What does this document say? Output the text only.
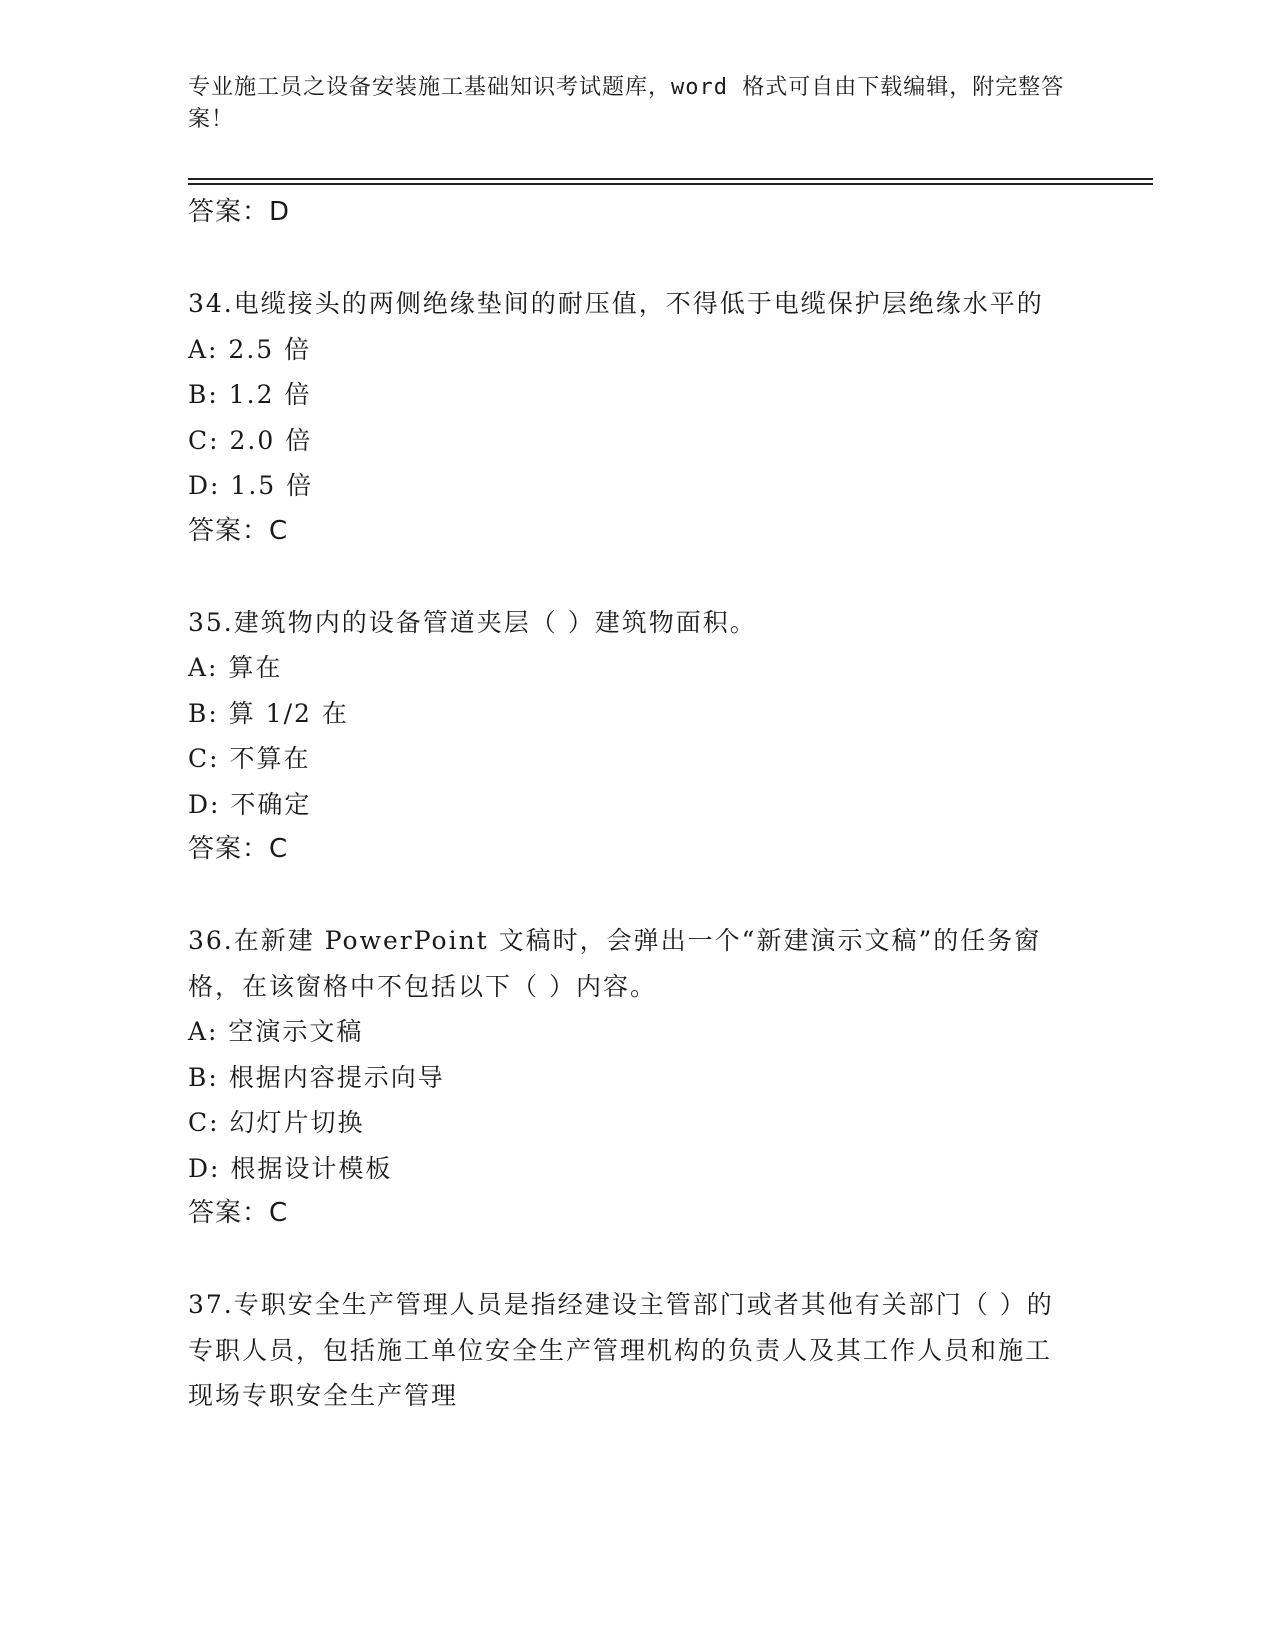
专业施工员之设备安装施工基础知识考试题库，word 格式可自由下载编辑，附完整答案！
答案：D
34.电缆接头的两侧绝缘垫间的耐压值，不得低于电缆保护层绝缘水平的
A: 2.5 倍
B: 1.2 倍
C: 2.0 倍
D: 1.5 倍
答案：C
35.建筑物内的设备管道夹层（ ）建筑物面积。
A: 算在
B: 算 1/2 在
C: 不算在
D: 不确定
答案：C
36.在新建 PowerPoint 文稿时，会弹出一个“新建演示文稿”的任务窗格，在该窗格中不包括以下（ ）内容。
A: 空演示文稿
B: 根据内容提示向导
C: 幻灯片切换
D: 根据设计模板
答案：C
37.专职安全生产管理人员是指经建设主管部门或者其他有关部门（ ）的专职人员，包括施工单位安全生产管理机构的负责人及其工作人员和施工现场专职安全生产管理
